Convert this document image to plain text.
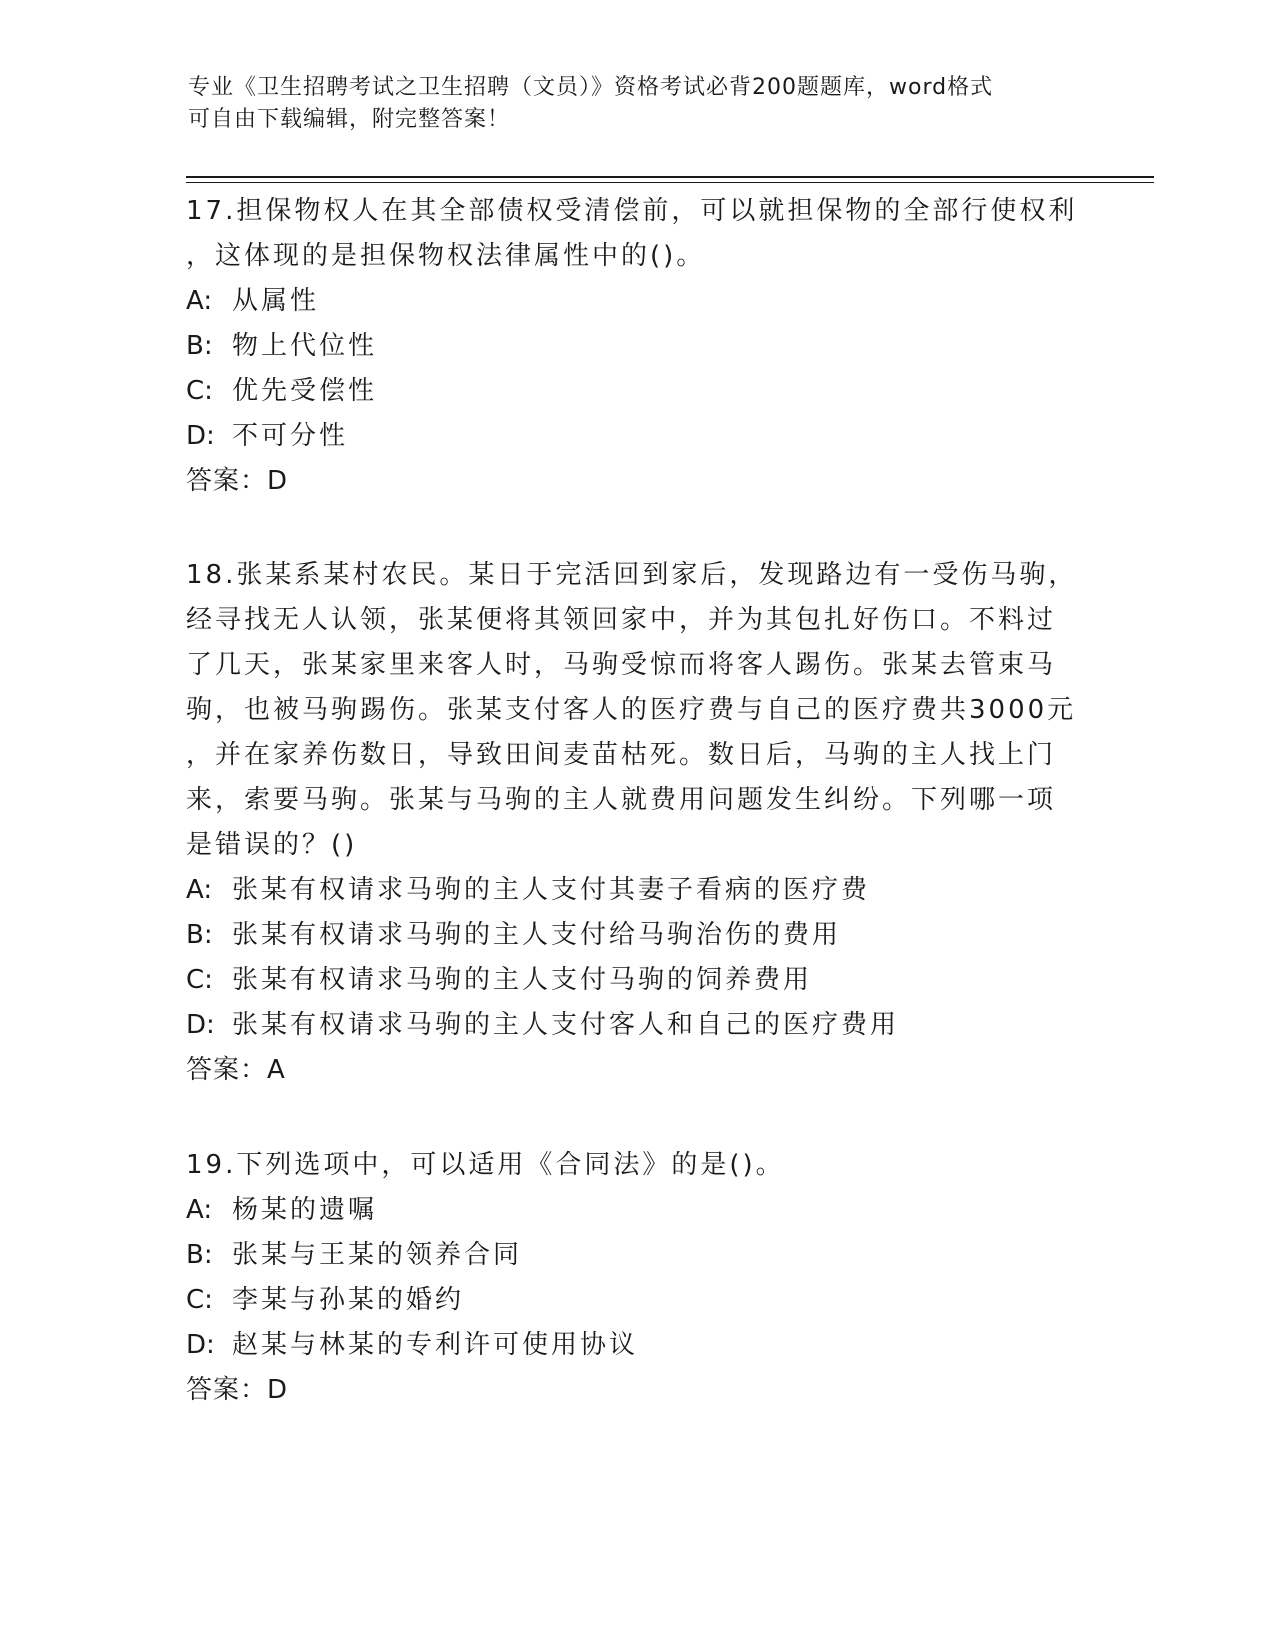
专业《卫生招聘考试之卫生招聘（文员）》资格考试必背200题题库，word格式
可自由下载编辑，附完整答案！
17.担保物权人在其全部债权受清偿前，可以就担保物的全部行使权利
，这体现的是担保物权法律属性中的()。
A: 从属性
B: 物上代位性
C: 优先受偿性
D: 不可分性
答案：D
18.张某系某村农民。某日于完活回到家后，发现路边有一受伤马驹，
经寻找无人认领，张某便将其领回家中，并为其包扎好伤口。不料过
了几天，张某家里来客人时，马驹受惊而将客人踢伤。张某去管束马
驹，也被马驹踢伤。张某支付客人的医疗费与自己的医疗费共3000元
，并在家养伤数日，导致田间麦苗枯死。数日后，马驹的主人找上门
来，索要马驹。张某与马驹的主人就费用问题发生纠纷。下列哪一项
是错误的？()
A: 张某有权请求马驹的主人支付其妻子看病的医疗费
B: 张某有权请求马驹的主人支付给马驹治伤的费用
C: 张某有权请求马驹的主人支付马驹的饲养费用
D: 张某有权请求马驹的主人支付客人和自己的医疗费用
答案：A
19.下列选项中，可以适用《合同法》的是()。
A: 杨某的遗嘱
B: 张某与王某的领养合同
C: 李某与孙某的婚约
D: 赵某与林某的专利许可使用协议
答案：D
